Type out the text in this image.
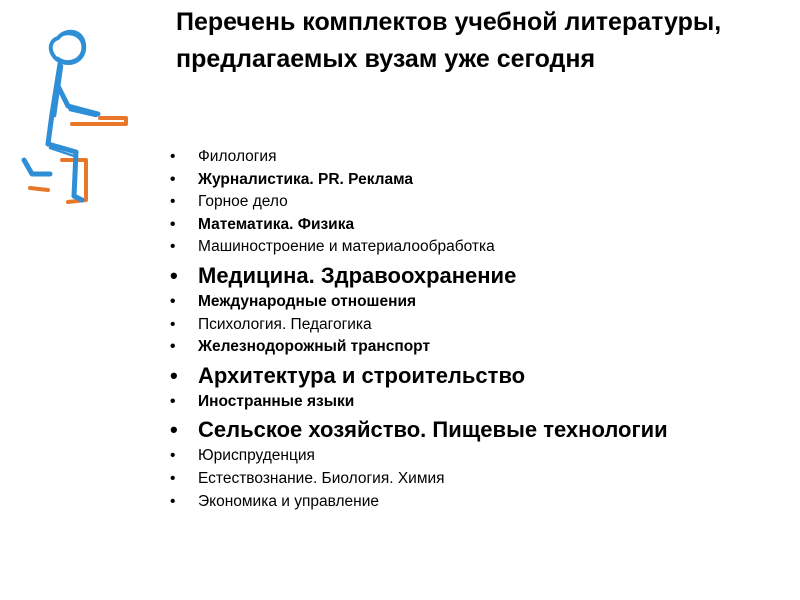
Перечень комплектов учебной литературы, предлагаемых вузам уже сегодня
• Филология
• Журналистика. PR. Реклама
• Горное дело
• Математика. Физика
• Машиностроение и материалообработка
• Медицина. Здравоохранение
• Международные отношения
• Психология. Педагогика
• Железнодорожный транспорт
• Архитектура и строительство
• Иностранные языки
• Сельское хозяйство. Пищевые технологии
• Юриспруденция
• Естествознание. Биология. Химия
• Экономика и управление
